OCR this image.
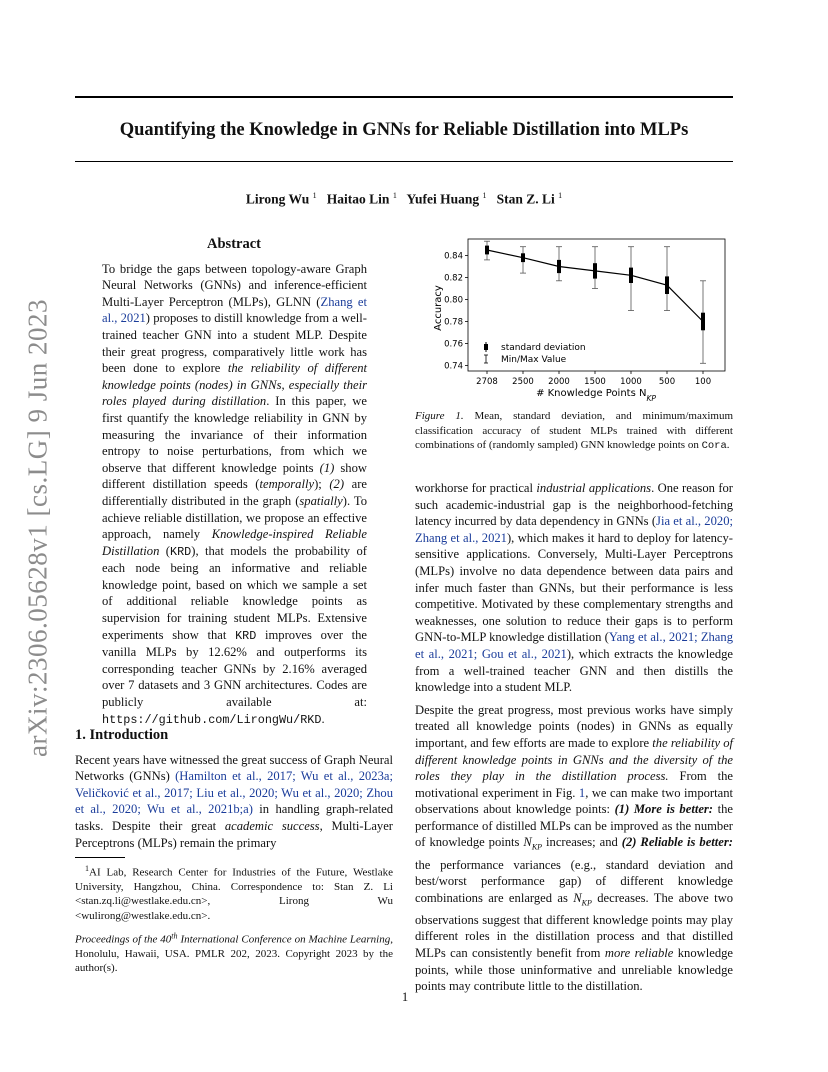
Quantifying the Knowledge in GNNs for Reliable Distillation into MLPs
Lirong Wu $^1$ Haitao Lin $^1$ Yufei Huang $^1$ Stan Z. Li $^1$
arXiv:2306.05628v1 [cs.LG] 9 Jun 2023
Abstract

To bridge the gaps between topology-aware Graph Neural Networks (GNNs) and inference-efficient Multi-Layer Perceptron (MLPs), GLNN (Zhang et al., 2021) proposes to distill knowledge from a well-trained teacher GNN into a student MLP. Despite their great progress, comparatively little work has been done to explore the reliability of different knowledge points (nodes) in GNNs, especially their roles played during distillation. In this paper, we first quantify the knowledge reliability in GNN by measuring the invariance of their information entropy to noise perturbations, from which we observe that different knowledge points (1) show different distillation speeds (temporally); (2) are differentially distributed in the graph (spatially). To achieve reliable distillation, we propose an effective approach, namely Knowledge-inspired Reliable Distillation (KRD), that models the probability of each node being an informative and reliable knowledge point, based on which we sample a set of additional reliable knowledge points as supervision for training student MLPs. Extensive experiments show that KRD improves over the vanilla MLPs by 12.62% and outperforms its corresponding teacher GNNs by 2.16% averaged over 7 datasets and 3 GNN architectures. Codes are publicly available at: https://github.com/LirongWu/RKD.

1. Introduction

Recent years have witnessed the great success of Graph Neural Networks (GNNs) (Hamilton et al., 2017; Wu et al., 2023a; Veličković et al., 2017; Liu et al., 2020; Wu et al., 2020; Zhou et al., 2020; Wu et al., 2021b;a) in handling graph-related tasks. Despite their great academic success, Multi-Layer Perceptrons (MLPs) remain the primary

$^1$AI Lab, Research Center for Industries of the Future, Westlake University, Hangzhou, China. Correspondence to: Stan Z. Li <stan.zq.li@westlake.edu.cn>, Lirong Wu <wulirong@westlake.edu.cn>.

Proceedings of the 40th International Conference on Machine Learning, Honolulu, Hawaii, USA. PMLR 202, 2023. Copyright 2023 by the author(s).

0.74
0.76
0.78
0.80
0.82
0.84
2708 2500 2000 1500 1000 500 100
Accuracy
# Knowledge Points $N_{KP}$
standard deviation
Min/Max Value

Figure 1. Mean, standard deviation, and minimum/maximum classification accuracy of student MLPs trained with different combinations of (randomly sampled) GNN knowledge points on Cora.

workhorse for practical industrial applications. One reason for such academic-industrial gap is the neighborhood-fetching latency incurred by data dependency in GNNs (Jia et al., 2020; Zhang et al., 2021), which makes it hard to deploy for latency-sensitive applications. Conversely, Multi-Layer Perceptrons (MLPs) involve no data dependence between data pairs and infer much faster than GNNs, but their performance is less competitive. Motivated by these complementary strengths and weaknesses, one solution to reduce their gaps is to perform GNN-to-MLP knowledge distillation (Yang et al., 2021; Zhang et al., 2021; Gou et al., 2021), which extracts the knowledge from a well-trained teacher GNN and then distills the knowledge into a student MLP.

Despite the great progress, most previous works have simply treated all knowledge points (nodes) in GNNs as equally important, and few efforts are made to explore the reliability of different knowledge points in GNNs and the diversity of the roles they play in the distillation process. From the motivational experiment in Fig. 1, we can make two important observations about knowledge points: (1) More is better: the performance of distilled MLPs can be improved as the number of knowledge points $N_{KP}$ increases; and (2) Reliable is better: the performance variances (e.g., standard deviation and best/worst performance gap) of different knowledge combinations are enlarged as $N_{KP}$ decreases. The above two observations suggest that different knowledge points may play different roles in the distillation process and that distilled MLPs can consistently benefit from more reliable knowledge points, while those uninformative and unreliable knowledge points may contribute little to the distillation.

1
